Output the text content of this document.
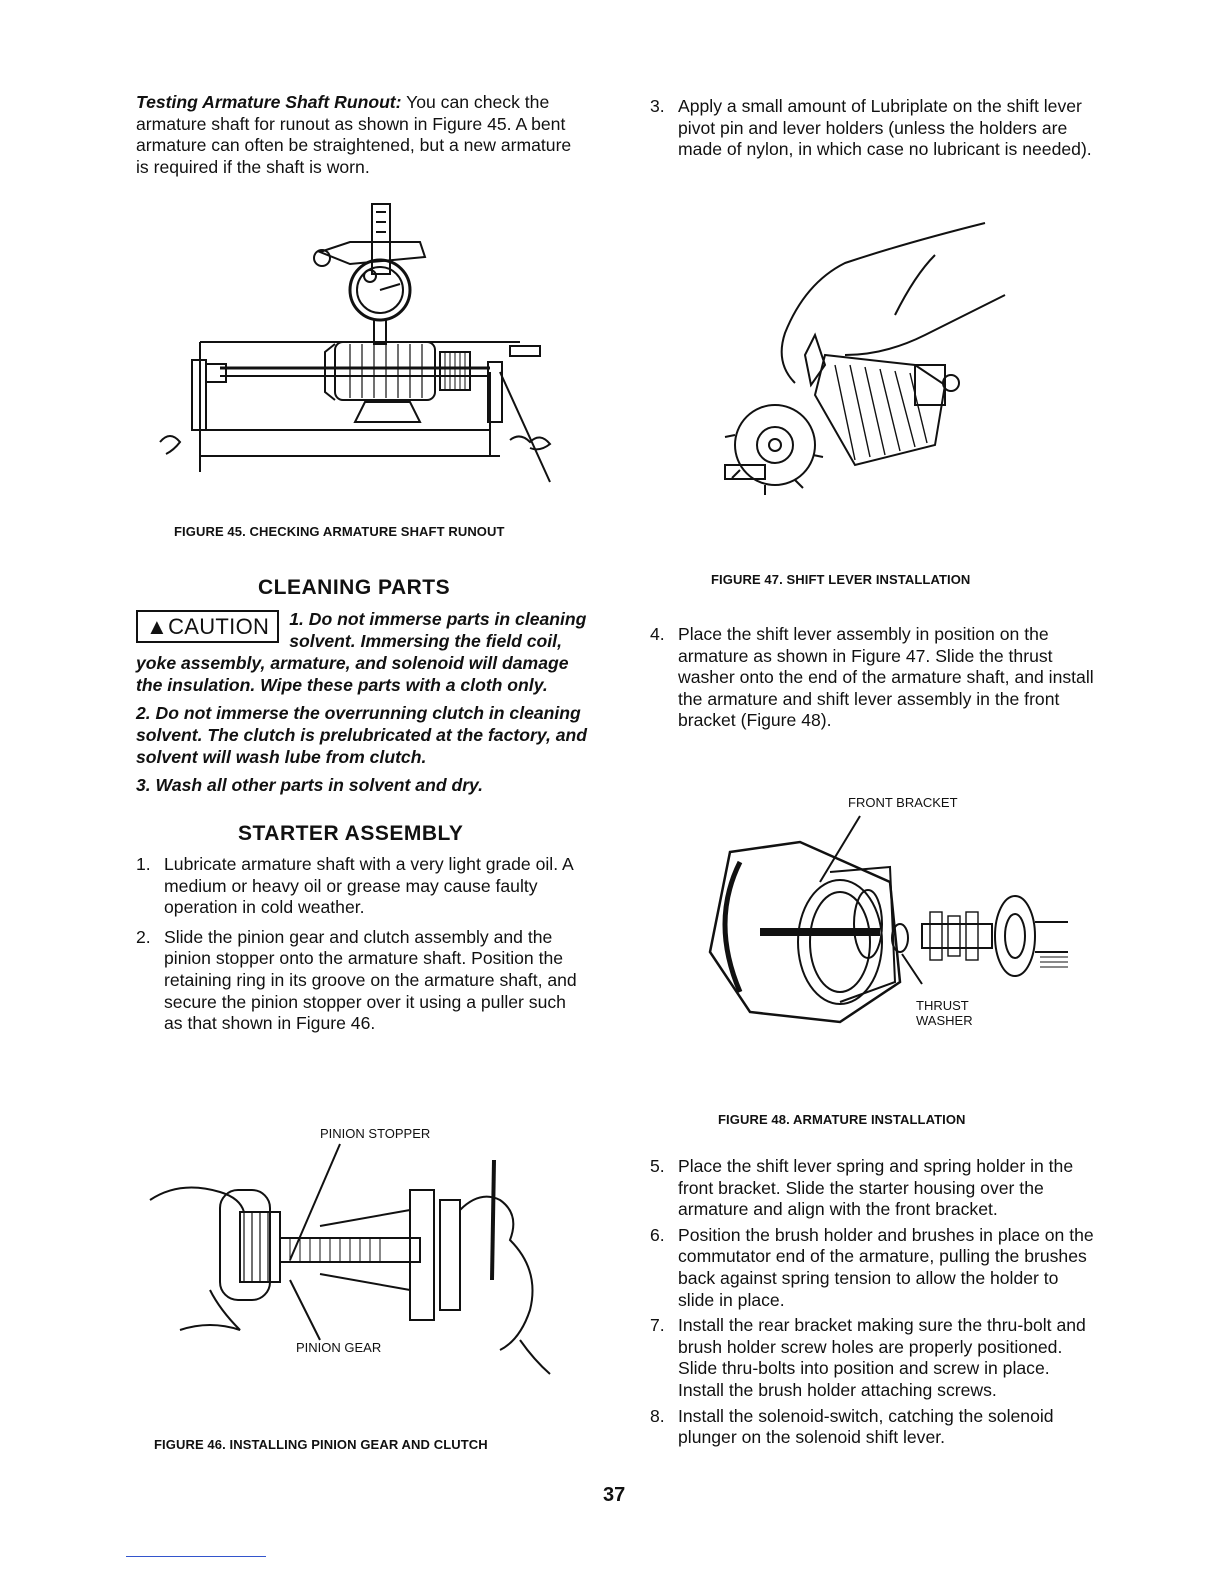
Testing Armature Shaft Runout: You can check the armature shaft for runout as shown in Figure 45. A bent armature can often be straightened, but a new armature is required if the shaft is worn.

FIGURE 45. CHECKING ARMATURE SHAFT RUNOUT
CLEANING PARTS
▲CAUTION	1. Do not immerse parts in cleaning solvent. Immersing the field coil, yoke assembly, armature, and solenoid will damage the insulation. Wipe these parts with a cloth only.

2. Do not immerse the overrunning clutch in cleaning solvent. The clutch is prelubricated at the factory, and solvent will wash lube from clutch.

3. Wash all other parts in solvent and dry.

STARTER ASSEMBLY
1. Lubricate armature shaft with a very light grade oil. A medium or heavy oil or grease may cause faulty operation in cold weather.
2. Slide the pinion gear and clutch assembly and the pinion stopper onto the armature shaft. Position the retaining ring in its groove on the armature shaft, and secure the pinion stopper over it using a puller such as that shown in Figure 46.
PINION STOPPER
PINION GEAR
FIGURE 46. INSTALLING PINION GEAR AND CLUTCH
3. Apply a small amount of Lubriplate on the shift lever pivot pin and lever holders (unless the holders are made of nylon, in which case no lubricant is needed).
FIGURE 47. SHIFT LEVER INSTALLATION
4. Place the shift lever assembly in position on the armature as shown in Figure 47. Slide the thrust washer onto the end of the armature shaft, and install the armature and shift lever assembly in the front bracket (Figure 48).
FRONT BRACKET
THRUST
WASHER
FIGURE 48. ARMATURE INSTALLATION
5. Place the shift lever spring and spring holder in the front bracket. Slide the starter housing over the armature and align with the front bracket.
6. Position the brush holder and brushes in place on the commutator end of the armature, pulling the brushes back against spring tension to allow the holder to slide in place.
7. Install the rear bracket making sure the thru-bolt and brush holder screw holes are properly positioned. Slide thru-bolts into position and screw in place. Install the brush holder attaching screws.
8. Install the solenoid-switch, catching the solenoid plunger on the solenoid shift lever.
37
